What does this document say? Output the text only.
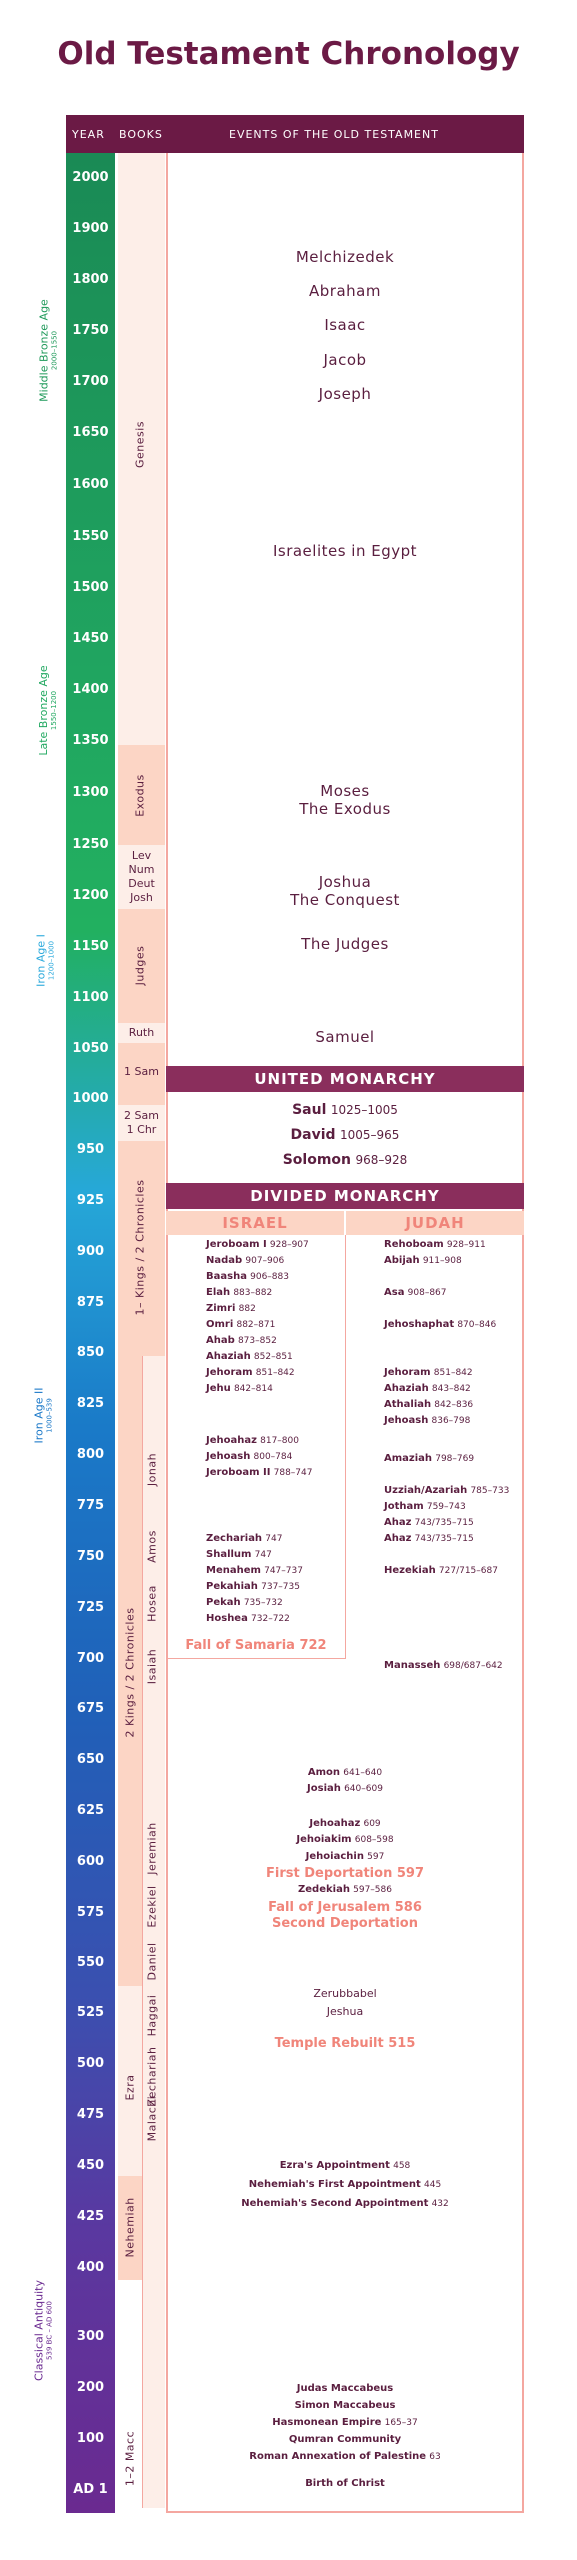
Old Testament Chronology
YEAR BOOKS	EVENTS OF THE OLD TESTAMENT
2000
1900
1800
1750
1700
1650
1600
1550
1500
1450
1400
1350
1300
1250
1200
1150
1100
1050
1000
950
925
900
875
850
825
800
775
750
725
700
675
650
625
600
575
550
525
500
475
450
425
400
300
200
100
AD 1
Middle Bronze Age 2000–1550
Late Bronze Age 1550–1200
Iron Age I 1200–1000
Iron Age II 1000–539
Classical Antiquity 539 BC – AD 600
Genesis
Exodus
Lev
Num
Deut
Josh
Judges
Ruth
1 Sam
2 Sam
1 Chr
1– Kings / 2 Chronicles
2 Kings / 2 Chronicles
Jonah
Amos
Hosea
Isaiah
Jeremiah
Ezekiel
Daniel
Haggai
Zechariah
Malachi
Ezra
Nehemiah
1–2 Macc
Melchizedek
Abraham
Isaac
Jacob
Joseph
Israelites in Egypt
Moses
The Exodus
Joshua
The Conquest
The Judges
Samuel
UNITED MONARCHY
Saul 1025–1005
David 1005–965
Solomon 968–928
DIVIDED MONARCHY
ISRAEL	JUDAH
Jeroboam I 928–907
Nadab 907–906
Baasha 906–883
Elah 883–882
Zimri 882
Omri 882–871
Ahab 873–852
Ahaziah 852–851
Jehoram 851–842
Jehu 842–814
Jehoahaz 817–800
Jehoash 800–784
Jeroboam II 788–747
Zechariah 747
Shallum 747
Menahem 747–737
Pekahiah 737–735
Pekah 735–732
Hoshea 732–722
Rehoboam 928–911
Abijah 911–908
Asa 908–867
Jehoshaphat 870–846
Jehoram 851–842
Ahaziah 843–842
Athaliah 842–836
Jehoash 836–798
Amaziah 798–769
Uzziah/Azariah 785–733
Jotham 759–743
Ahaz 743/735–715
Ahaz 743/735–715
Hezekiah 727/715–687
Manasseh 698/687–642
Fall of Samaria 722
Amon 641–640
Josiah 640–609
Jehoahaz 609
Jehoiakim 608–598
Jehoiachin 597
First Deportation 597
Zedekiah 597–586
Fall of Jerusalem 586
Second Deportation
Zerubbabel
Jeshua
Temple Rebuilt 515
Ezra's Appointment 458
Nehemiah's First Appointment 445
Nehemiah's Second Appointment 432
Judas Maccabeus
Simon Maccabeus
Hasmonean Empire 165–37
Qumran Community
Roman Annexation of Palestine 63
Birth of Christ
